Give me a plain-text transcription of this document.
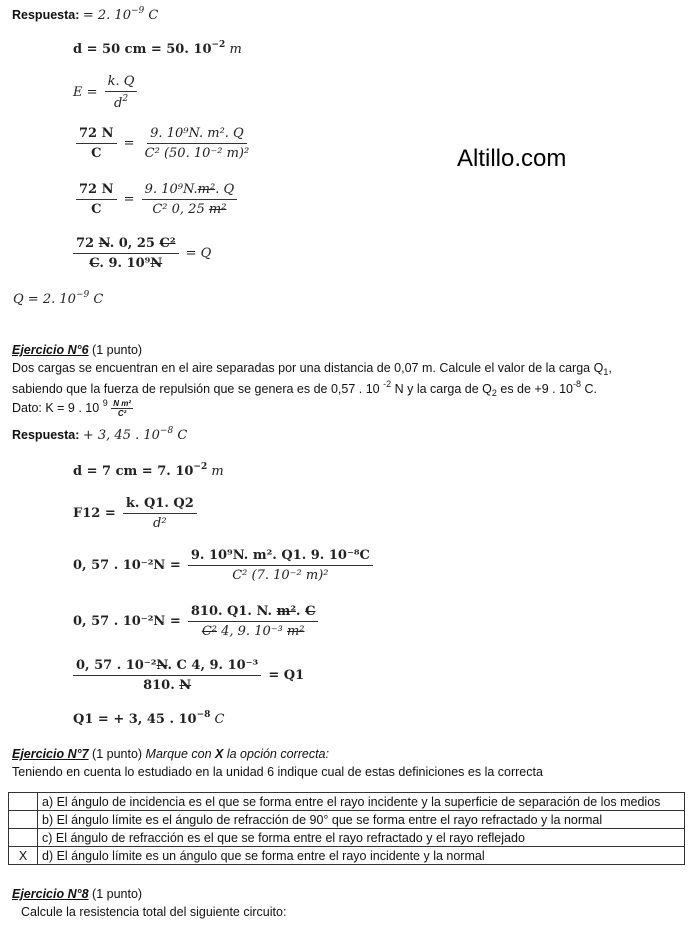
Altillo.com
Respuesta: = 2. $10^{-9}$ C
d = 50 cm = 50. $10^{-2}$ m
$E = \frac{k. Q}{d^2}$
$\frac{72 N}{C} = \frac{\text{9. 10⁹N. m². Q}}{\text{C² (50. 10⁻² m)²}}$
$\frac{72 N}{C} = \frac{\text{9. 10⁹N.m². Q}}{\text{C² 0, 25 m²}}$
$\frac{\text{72 N. 0, 25 C²}}{\text{C. 9. 10⁹N}} = Q$
Q = 2. $10^{-9}$ C
Ejercicio N°6 (1 punto)
Dos cargas se encuentran en el aire separadas por una distancia de 0,07 m. Calcule el valor de la carga $Q_1$,
sabiendo que la fuerza de repulsión que se genera es de 0,57 . 10 $^{-2}$ N y la carga de $Q_2$ es de +9 . $10^{-8}$ C.
Dato: K = 9 . 10 $^9 \frac{\text{N m²}}{\text{C²}}$
Respuesta: + 3, 45 . $10^{-8}$ C
d = 7 cm = 7. $10^{-2}$ m
$F12 = \frac{k. Q1. Q2}{\text{d²}}$
0, 57 . $10^{-2}N = \frac{\text{9. 10⁹N. m². Q1. 9. 10⁻⁸C}}{\text{C² (7. 10⁻² m)²}}$
0, 57 . $10^{-2}N = \frac{\text{810. Q1. N. m². C}}{\text{C² 4, 9. 10⁻³ m²}}$
$\frac{\text{0, 57 . 10⁻²N. C 4, 9. 10⁻³}}{810. N} = Q1$
Q1 = + 3, 45 . $10^{-8}$ C
Ejercicio N°7 (1 punto) Marque con X la opción correcta:
Teniendo en cuenta lo estudiado en la unidad 6 indique cual de estas definiciones es la correcta
	a) El ángulo de incidencia es el que se forma entre el rayo incidente y la superficie de separación de los medios
	b) El ángulo límite es el ángulo de refracción de 90° que se forma entre el rayo refractado y la normal
	c) El ángulo de refracción es el que se forma entre el rayo refractado y el rayo reflejado
X	d) El ángulo límite es un ángulo que se forma entre el rayo incidente y la normal
Ejercicio N°8 (1 punto)
Calcule la resistencia total del siguiente circuito:
